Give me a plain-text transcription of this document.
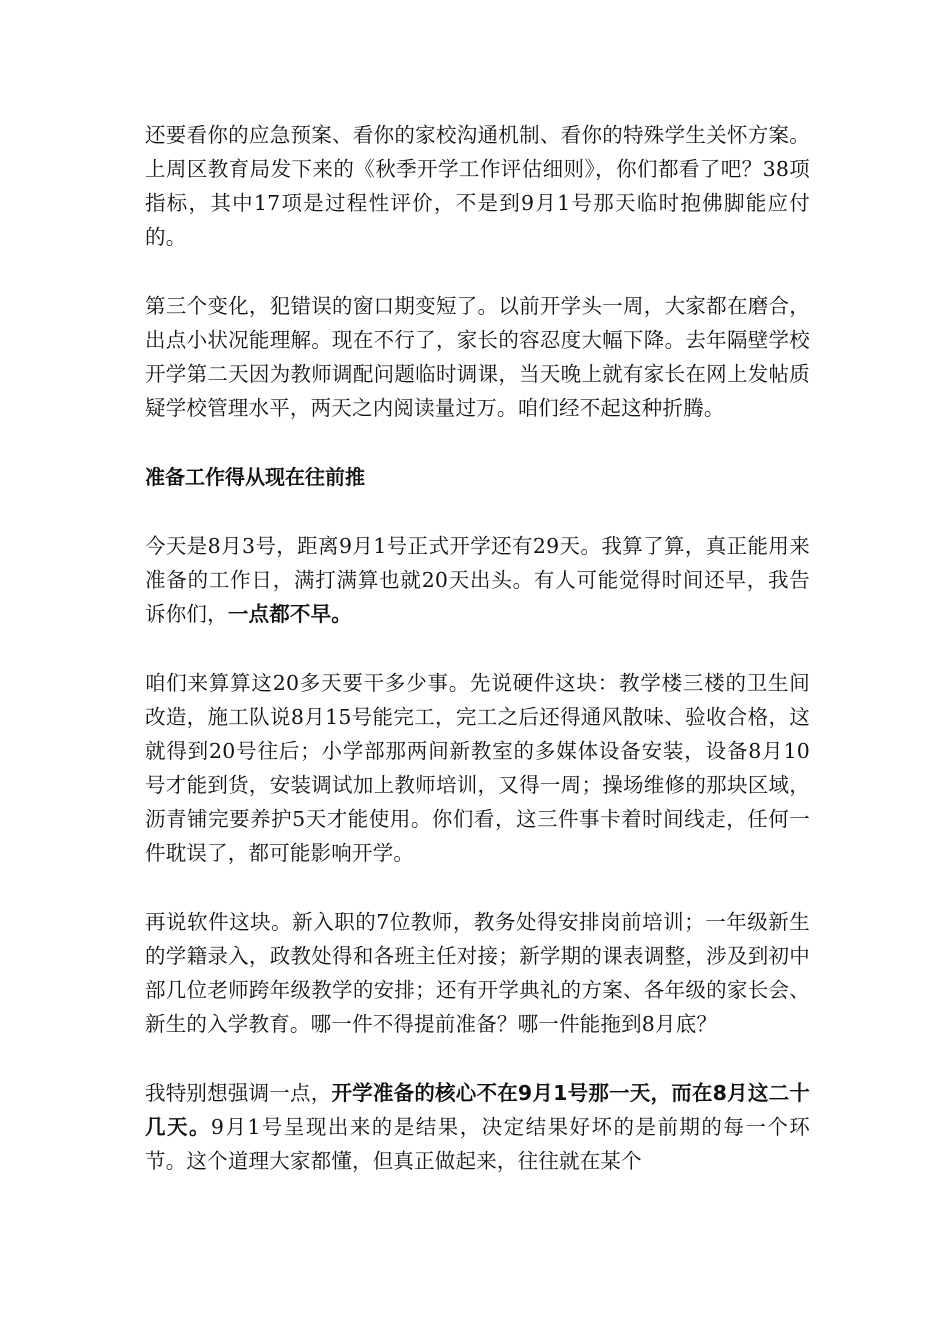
还要看你的应急预案、看你的家校沟通机制、看你的特殊学生关怀方案。上周区教育局发下来的《秋季开学工作评估细则》，你们都看了吧？38项指标，其中17项是过程性评价，不是到9月1号那天临时抱佛脚能应付的。

第三个变化，犯错误的窗口期变短了。以前开学头一周，大家都在磨合，出点小状况能理解。现在不行了，家长的容忍度大幅下降。去年隔壁学校开学第二天因为教师调配问题临时调课，当天晚上就有家长在网上发帖质疑学校管理水平，两天之内阅读量过万。咱们经不起这种折腾。

准备工作得从现在往前推

今天是8月3号，距离9月1号正式开学还有29天。我算了算，真正能用来准备的工作日，满打满算也就20天出头。有人可能觉得时间还早，我告诉你们，一点都不早。

咱们来算算这20多天要干多少事。先说硬件这块：教学楼三楼的卫生间改造，施工队说8月15号能完工，完工之后还得通风散味、验收合格，这就得到20号往后；小学部那两间新教室的多媒体设备安装，设备8月10号才能到货，安装调试加上教师培训，又得一周；操场维修的那块区域，沥青铺完要养护5天才能使用。你们看，这三件事卡着时间线走，任何一件耽误了，都可能影响开学。

再说软件这块。新入职的7位教师，教务处得安排岗前培训；一年级新生的学籍录入，政教处得和各班主任对接；新学期的课表调整，涉及到初中部几位老师跨年级教学的安排；还有开学典礼的方案、各年级的家长会、新生的入学教育。哪一件不得提前准备？哪一件能拖到8月底？

我特别想强调一点，开学准备的核心不在9月1号那一天，而在8月这二十几天。9月1号呈现出来的是结果，决定结果好坏的是前期的每一个环节。这个道理大家都懂，但真正做起来，往往就在某个
